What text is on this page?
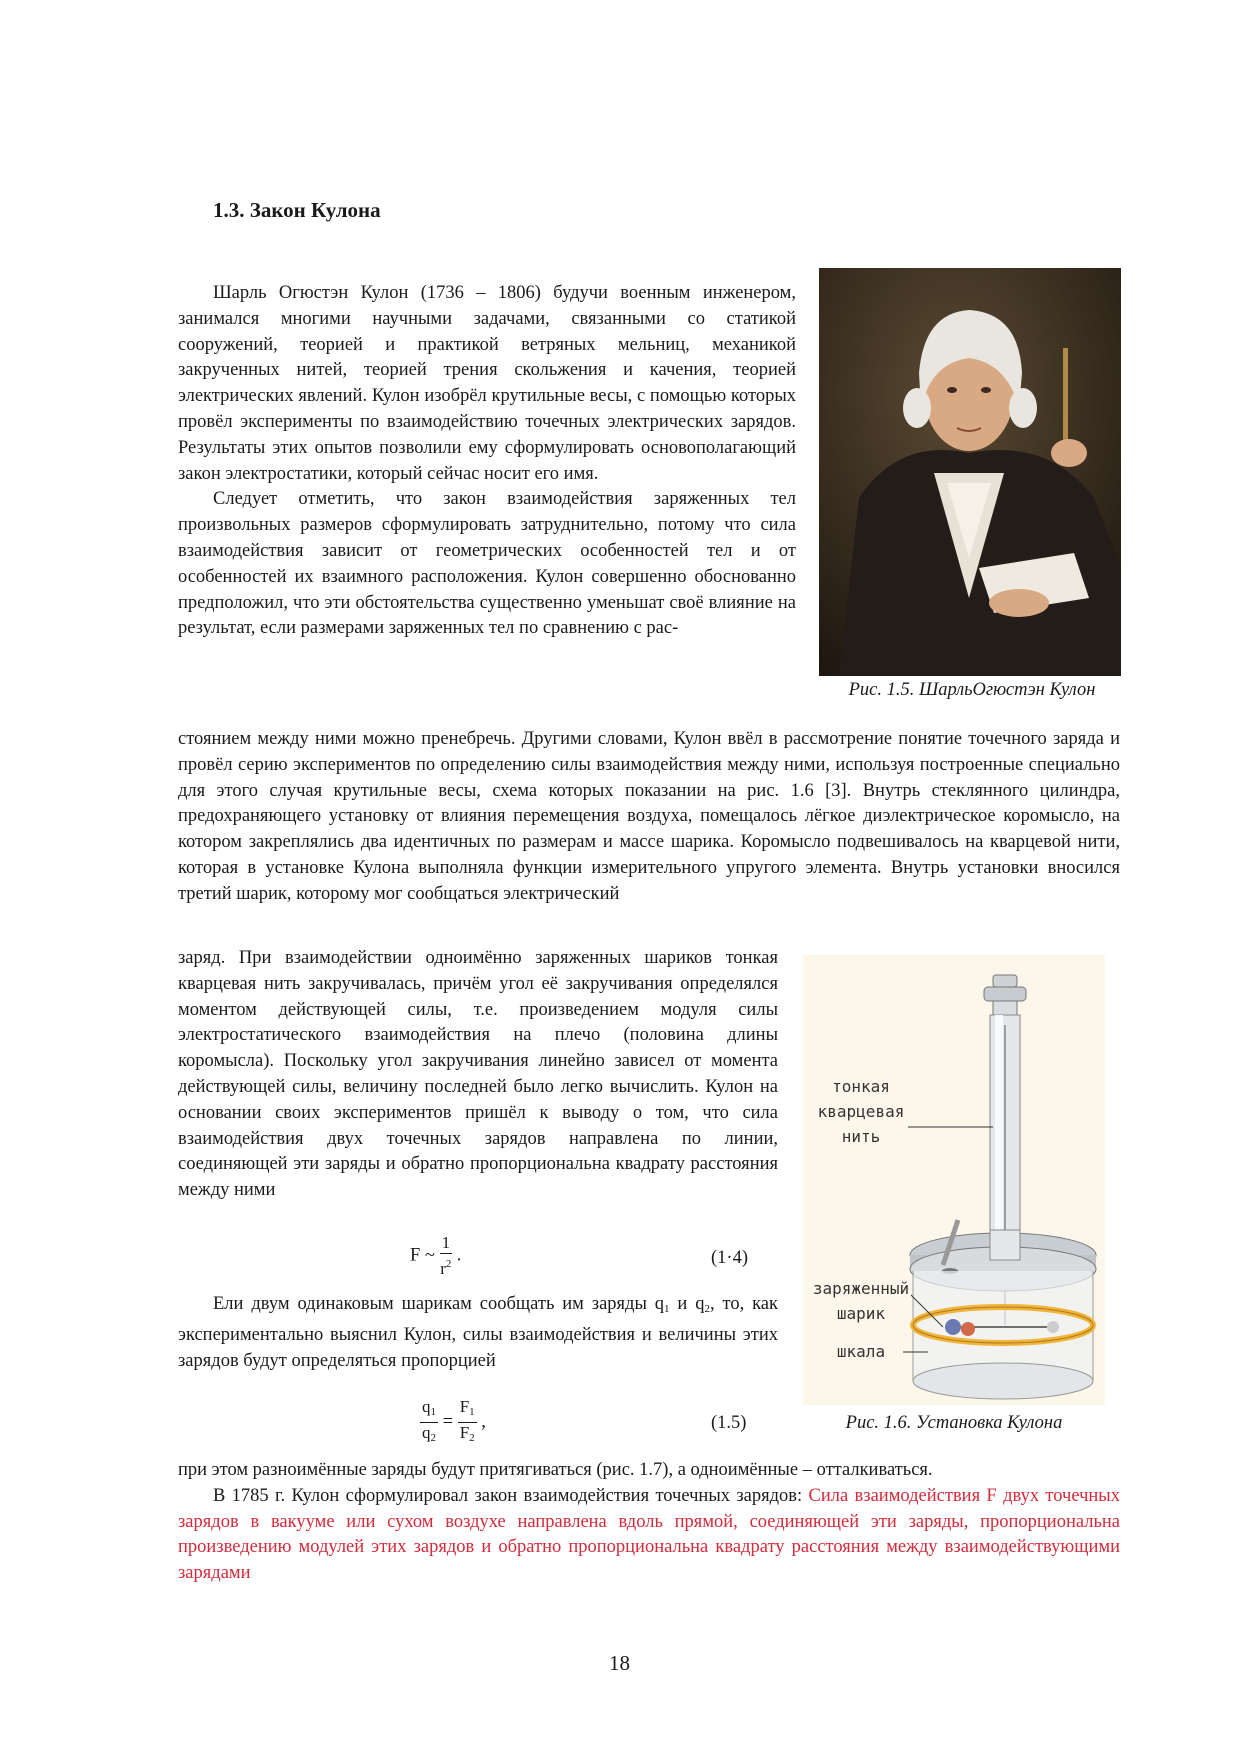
1.3. Закон Кулона

Шарль Огюстэн Кулон (1736 – 1806) будучи военным инженером, занимался многими научными задачами, связанными со статикой сооружений, теорией и практикой ветряных мельниц, механикой закрученных нитей, теорией трения скольжения и качения, теорией электрических явлений. Кулон изобрёл крутильные весы, с помощью которых провёл эксперименты по взаимодействию точечных электрических зарядов. Результаты этих опытов позволили ему сформулировать основополагающий закон электростатики, который сейчас носит его имя.

Следует отметить, что закон взаимодействия заряженных тел произвольных размеров сформулировать затруднительно, потому что сила взаимодействия зависит от геометрических особенностей тел и от особенностей их взаимного расположения. Кулон совершенно обоснованно предположил, что эти обстоятельства существенно уменьшат своё влияние на результат, если размерами заряженных тел по сравнению с рас-

Рис. 1.5. ШарльОгюстэн Кулон

стоянием между ними можно пренебречь. Другими словами, Кулон ввёл в рассмотрение понятие точечного заряда и провёл серию экспериментов по определению силы взаимодействия между ними, используя построенные специально для этого случая крутильные весы, схема которых показании на рис. 1.6 [3]. Внутрь стеклянного цилиндра, предохраняющего установку от влияния перемещения воздуха, помещалось лёгкое диэлектрическое коромысло, на котором закреплялись два идентичных по размерам и массе шарика. Коромысло подвешивалось на кварцевой нити, которая в установке Кулона выполняла функции измерительного упругого элемента. Внутрь установки вносился третий шарик, которому мог сообщаться электрический

заряд. При взаимодействии одноимённо заряженных шариков тонкая кварцевая нить закручивалась, причём угол её закручивания определялся моментом действующей силы, т.е. произведением модуля силы электростатического взаимодействия на плечо (половина длины коромысла). Поскольку угол закручивания линейно зависел от момента действующей силы, величину последней было легко вычислить. Кулон на основании своих экспериментов пришёл к выводу о том, что сила взаимодействия двух точечных зарядов направлена по линии, соединяющей эти заряды и обратно пропорциональна квадрату расстояния между ними

F ~ $\frac{1}{r^2}$ .	(1·4)

Ели двум одинаковым шарикам сообщать им заряды $q_1$ и $q_2$, то, как экспериментально выяснил Кулон, силы взаимодействия и величины этих зарядов будут определяться пропорцией

$\frac{q_1}{q_2} = \frac{F_1}{F_2}$ ,	(1.5)
тонкая
кварцевая
нить
заряженный
шарик
шкала
Рис. 1.6. Установка Кулона

при этом разноимённые заряды будут притягиваться (рис. 1.7), а одноимённые – отталкиваться.

В 1785 г. Кулон сформулировал закон взаимодействия точечных зарядов: Сила взаимодействия F двух точечных зарядов в вакууме или сухом воздухе направлена вдоль прямой, соединяющей эти заряды, пропорциональна произведению модулей этих зарядов и обратно пропорциональна квадрату расстояния между взаимодействующими зарядами

18
